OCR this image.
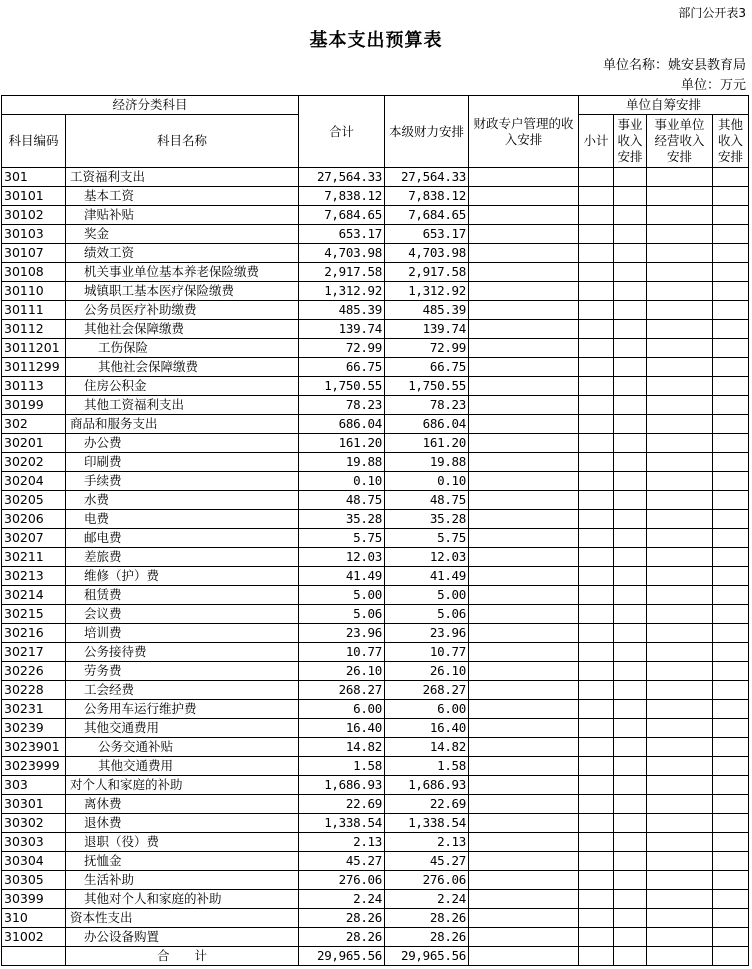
部门公开表3
基本支出预算表
单位名称：姚安县教育局
单位：万元
经济分类科目		合计	本级财力安排	财政专户管理的收入安排	单位自筹安排			
科目编码	科目名称				小计	事业收入安排	事业单位经营收入安排	其他收入安排

301	工资福利支出	27,564.33	27,564.33					
30101	基本工资	7,838.12	7,838.12					
30102	津贴补贴	7,684.65	7,684.65					
30103	奖金	653.17	653.17					
30107	绩效工资	4,703.98	4,703.98					
30108	机关事业单位基本养老保险缴费	2,917.58	2,917.58					
30110	城镇职工基本医疗保险缴费	1,312.92	1,312.92					
30111	公务员医疗补助缴费	485.39	485.39					
30112	其他社会保障缴费	139.74	139.74					
3011201	工伤保险	72.99	72.99					
3011299	其他社会保障缴费	66.75	66.75					
30113	住房公积金	1,750.55	1,750.55					
30199	其他工资福利支出	78.23	78.23					
302	商品和服务支出	686.04	686.04					
30201	办公费	161.20	161.20					
30202	印刷费	19.88	19.88					
30204	手续费	0.10	0.10					
30205	水费	48.75	48.75					
30206	电费	35.28	35.28					
30207	邮电费	5.75	5.75					
30211	差旅费	12.03	12.03					
30213	维修（护）费	41.49	41.49					
30214	租赁费	5.00	5.00					
30215	会议费	5.06	5.06					
30216	培训费	23.96	23.96					
30217	公务接待费	10.77	10.77					
30226	劳务费	26.10	26.10					
30228	工会经费	268.27	268.27					
30231	公务用车运行维护费	6.00	6.00					
30239	其他交通费用	16.40	16.40					
3023901	公务交通补贴	14.82	14.82					
3023999	其他交通费用	1.58	1.58					
303	对个人和家庭的补助	1,686.93	1,686.93					
30301	离休费	22.69	22.69					
30302	退休费	1,338.54	1,338.54					
30303	退职（役）费	2.13	2.13					
30304	抚恤金	45.27	45.27					
30305	生活补助	276.06	276.06					
30399	其他对个人和家庭的补助	2.24	2.24					
310	资本性支出	28.26	28.26					
31002	办公设备购置	28.26	28.26					
	合　　计	29,965.56	29,965.56					
